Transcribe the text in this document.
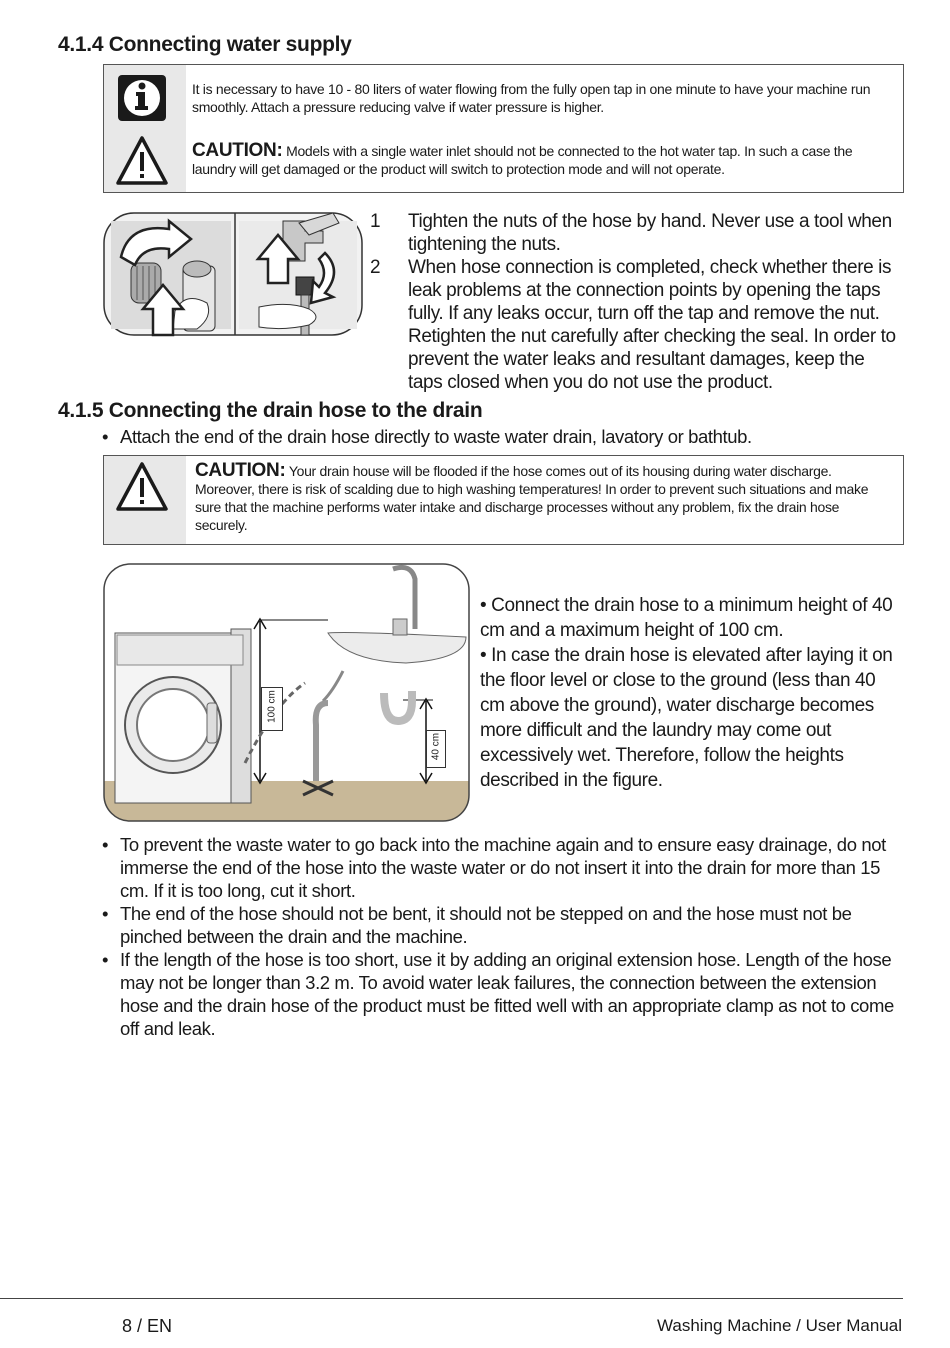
4.1.4 Connecting water supply
It is necessary to have 10 - 80 liters of water flowing from the fully open tap in one minute to have your machine run smoothly. Attach a pressure reducing valve if water pressure is higher.
CAUTION: Models with a single water inlet should not be connected to the hot water tap. In such a case the laundry will get damaged or the product will switch to protection mode and will not operate.
1 Tighten the nuts of the hose by hand. Never use a tool when tightening the nuts.
2 When hose connection is completed, check whether there is leak problems at the connection points by opening the taps fully. If any leaks occur, turn off the tap and remove the nut. Retighten the nut carefully after checking the seal. In order to prevent the water leaks and resultant damages, keep the taps closed when you do not use the product.
4.1.5 Connecting the drain hose to the drain
• Attach the end of the drain hose directly to waste water drain, lavatory or bathtub.
CAUTION: Your drain house will be flooded if the hose comes out of its housing during water discharge. Moreover, there is risk of scalding due to high washing temperatures! In order to prevent such situations and make sure that the machine performs water intake and discharge processes without any problem, fix the drain hose securely.
100 cm
40 cm
• Connect the drain hose to a minimum height of 40 cm and a maximum height of 100 cm.
• In case the drain hose is elevated after laying it on the floor level or close to the ground (less than 40 cm above the ground), water discharge becomes more difficult and the laundry may come out excessively wet. Therefore, follow the heights described in the figure.
• To prevent the waste water to go back into the machine again and to ensure easy drainage, do not immerse the end of the hose into the waste water or do not insert it into the drain for more than 15 cm. If it is too long, cut it short.
• The end of the hose should not be bent, it should not be stepped on and the hose must not be pinched between the drain and the machine.
• If the length of the hose is too short, use it by adding an original extension hose. Length of the hose may not be longer than 3.2 m. To avoid water leak failures, the connection between the extension hose and the drain hose of the product must be fitted well with an appropriate clamp as not to come off and leak.
8 / EN	Washing Machine / User Manual
